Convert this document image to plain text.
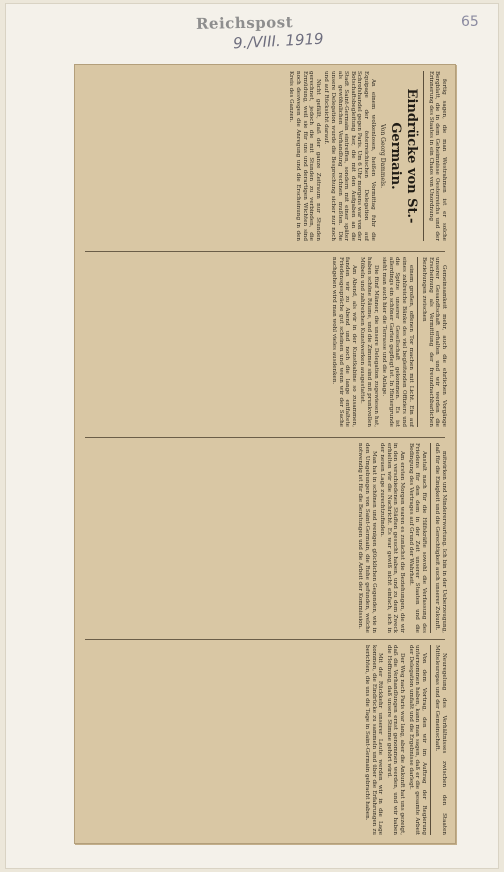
Reichspost
9./VIII. 1919
65
fertig sagen, die man Westrahmen ist er solche Bergblatt, die in dem Geheimnisse Oesterreichs und der Erinnerung des Staates in ein Chaos von Unordnung
Eindrücke von St.-Germain.
Von Georg Dammels.
An einem wolkenlosen, heißen Vormittag fuhr die Equipage der österreichischen Delegation auf Schrofshandel gegen Paris. Um 6 Uhr morgens war von der Botschaftsbegleitung her, die mit den Aufgaben an die Stadt Saint-Germain eintreffen, sondern mit einer später als gewöhnlichen Verhandlung rechnen mußten. Die unsere Delegation wurde die Besprechung sicher nur noch und auf Rücksicht darauf.
Nicht gefällt, daß der ganze Zeitraum nur Stunden gerechnet, jedoch die mit Stunden zu verbinden, die Ermüdung, weil sie für uns und derartigen Wichten sind noch deswegen die Anregung und die Erscheinung in den Kreis des Ganzen.
Gemeinsamkeit mehr, auch die ehrlichen Vorgänge unserer Gesandtschaft erhalten und wir werden die Erscheinung als Vermittlung der freundnachbarlichen Beziehungen zwischen
einem großen, offenen Tor machen mit Licht. Ein auf eines zahlreiche Bänke des viel begleitenden Offiziers und die Spitze unserer Gesellschaft gekommen. Es ist allerdings ein schöner Garten gepflegt ist. In Hintergrunde sieht man auch hier die Terrasse und die Anlage.
Die fünf Männer, die unsere Delegation zugewiesen hat, haben schöne Räume, und die Zimmer sind mit prunkvollen Möbeln und zahlreichen Kunstwerken ausgestattet.
Am Abend, als wir in der Kunstkabine so zusammen, fanden wir zu Abend und noch die lange entfaltete Friedensgespräche gut scheinen und wenn wir der Sache nachgehen wird man wohl vieles ausdenken.
mitwirken und Mindererwartung. Ich bin in der Ueberzeugung, daß für die Einigkeit und die Gerechtigkeit auch unserer Zukunft.
Anstalt nach für die Hilfskräfte sowohl die Verfassung des Friedens für den dem in der Zeit unserer Staaten und die Bedingung des Vertrages auf Grund der Wahrheit.
Am ersten Morgen waren es zunächst die Beziehungen, die wir in den verschiedenen Städten gesucht haben, und zu dem Zweck erhielten wir die Nachricht. Es war gewiß nicht einfach, sich in der neuen Lage zurechtzufinden.
Man hat in schönen und wenigen glücklichen Gegenden, wie in den Umgebungen von Saint-Germain, die Ruhe gefunden, welche notwendig ist für die Beratungen und die Arbeit der Kommission.
Neuregelung des Verhältnisses zwischen den Staaten Mitteleuropas und der Gemeinschaft.
Von dem Vortrag, den wir im Auftrag der Regierung unternommen haben, kann man sagen, daß er die gesamte Arbeit der Delegation umfaßt und die Ergebnisse darlegt.
Der Weg nach Paris war lang, aber die Ankunft hat uns gezeigt, daß die Verhandlungen ernst genommen werden, und wir haben die Hoffnung, daß unsere Stimme gehört wird.
Mit der Rückkehr unserer Leute werden wir in die Lage kommen, die Eindrücke zu sammeln und über die Erfahrungen zu berichten, die uns die Tage in Saint-Germain gebracht haben.
